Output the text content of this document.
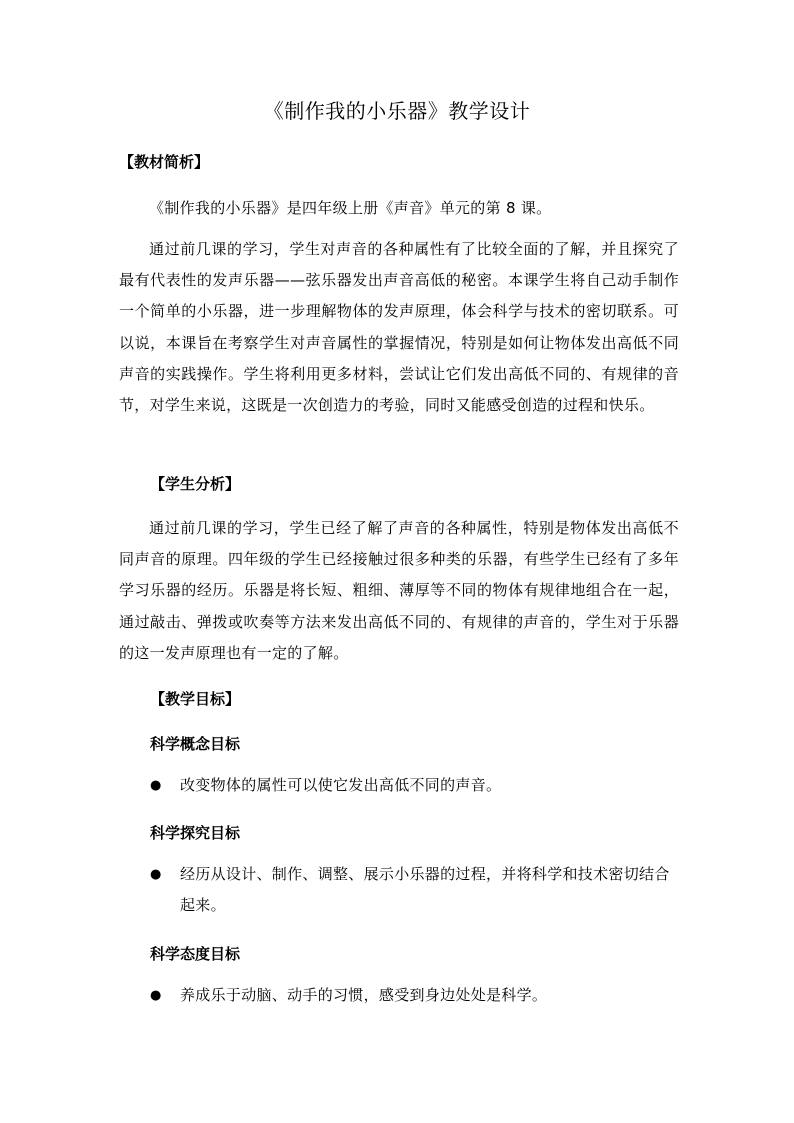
《制作我的小乐器》教学设计
【教材简析】

《制作我的小乐器》是四年级上册《声音》单元的第 8 课。

通过前几课的学习，学生对声音的各种属性有了比较全面的了解，并且探究了最有代表性的发声乐器——弦乐器发出声音高低的秘密。本课学生将自己动手制作一个简单的小乐器，进一步理解物体的发声原理，体会科学与技术的密切联系。可以说，本课旨在考察学生对声音属性的掌握情况，特别是如何让物体发出高低不同声音的实践操作。学生将利用更多材料，尝试让它们发出高低不同的、有规律的音节，对学生来说，这既是一次创造力的考验，同时又能感受创造的过程和快乐。

【学生分析】

通过前几课的学习，学生已经了解了声音的各种属性，特别是物体发出高低不同声音的原理。四年级的学生已经接触过很多种类的乐器，有些学生已经有了多年学习乐器的经历。乐器是将长短、粗细、薄厚等不同的物体有规律地组合在一起，通过敲击、弹拨或吹奏等方法来发出高低不同的、有规律的声音的，学生对于乐器的这一发声原理也有一定的了解。

【教学目标】
科学概念目标
●	改变物体的属性可以使它发出高低不同的声音。
科学探究目标
●	经历从设计、制作、调整、展示小乐器的过程，并将科学和技术密切结合起来。
科学态度目标
●	养成乐于动脑、动手的习惯，感受到身边处处是科学。
